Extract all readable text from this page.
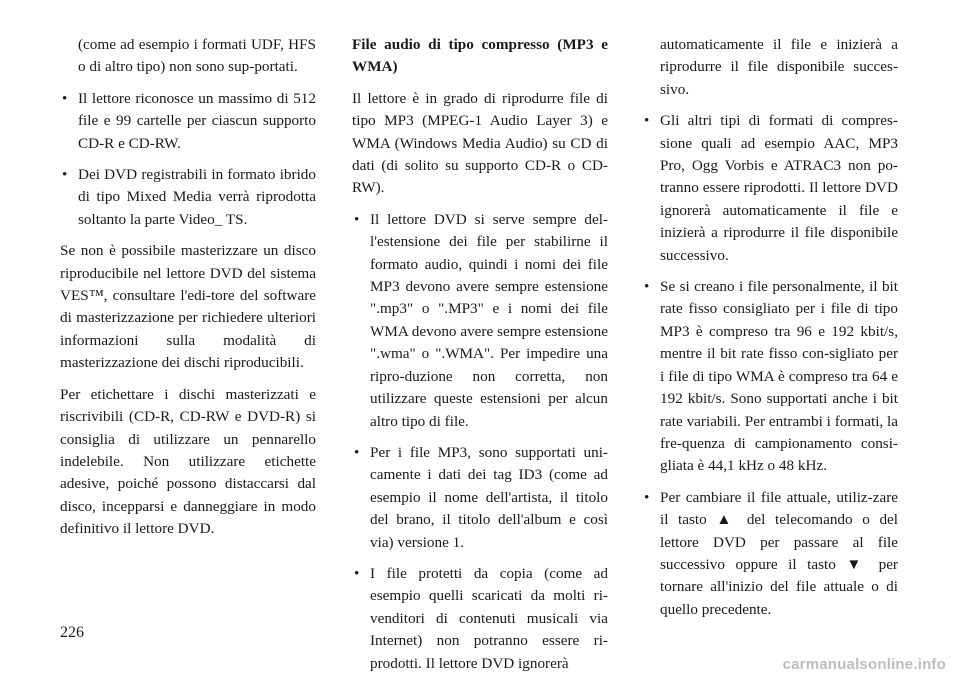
(come ad esempio i formati UDF, HFS o di altro tipo) non sono sup-portati.
• Il lettore riconosce un massimo di 512 file e 99 cartelle per ciascun supporto CD-R e CD-RW.
• Dei DVD registrabili in formato ibrido di tipo Mixed Media verrà riprodotta soltanto la parte Video_ TS.

Se non è possibile masterizzare un disco riproducibile nel lettore DVD del sistema VES™, consultare l'edi-tore del software di masterizzazione per richiedere ulteriori informazioni sulla modalità di masterizzazione dei dischi riproducibili.

Per etichettare i dischi masterizzati e riscrivibili (CD-R, CD-RW e DVD-R) si consiglia di utilizzare un pennarello indelebile. Non utilizzare etichette adesive, poiché possono distaccarsi dal disco, incepparsi e danneggiare in modo definitivo il lettore DVD.

File audio di tipo compresso (MP3 e WMA)

Il lettore è in grado di riprodurre file di tipo MP3 (MPEG-1 Audio Layer 3) e WMA (Windows Media Audio) su CD di dati (di solito su supporto CD-R o CD-RW).

• Il lettore DVD si serve sempre del-l'estensione dei file per stabilirne il formato audio, quindi i nomi dei file MP3 devono avere sempre estensione ".mp3" o ".MP3" e i nomi dei file WMA devono avere sempre estensione ".wma" o ".WMA". Per impedire una ripro-duzione non corretta, non utilizzare queste estensioni per alcun altro tipo di file.
• Per i file MP3, sono supportati uni-camente i dati dei tag ID3 (come ad esempio il nome dell'artista, il titolo del brano, il titolo dell'album e così via) versione 1.
• I file protetti da copia (come ad esempio quelli scaricati da molti ri-venditori di contenuti musicali via Internet) non potranno essere ri-prodotti. Il lettore DVD ignorerà
automaticamente il file e inizierà a riprodurre il file disponibile succes-sivo.
• Gli altri tipi di formati di compres-sione quali ad esempio AAC, MP3 Pro, Ogg Vorbis e ATRAC3 non po-tranno essere riprodotti. Il lettore DVD ignorerà automaticamente il file e inizierà a riprodurre il file disponibile successivo.
• Se si creano i file personalmente, il bit rate fisso consigliato per i file di tipo MP3 è compreso tra 96 e 192 kbit/s, mentre il bit rate fisso con-sigliato per i file di tipo WMA è compreso tra 64 e 192 kbit/s. Sono supportati anche i bit rate variabili. Per entrambi i formati, la fre-quenza di campionamento consi-gliata è 44,1 kHz o 48 kHz.
• Per cambiare il file attuale, utiliz-zare il tasto ▲ del telecomando o del lettore DVD per passare al file successivo oppure il tasto ▼ per tornare all'inizio del file attuale o di quello precedente.
226
carmanualsonline.info
